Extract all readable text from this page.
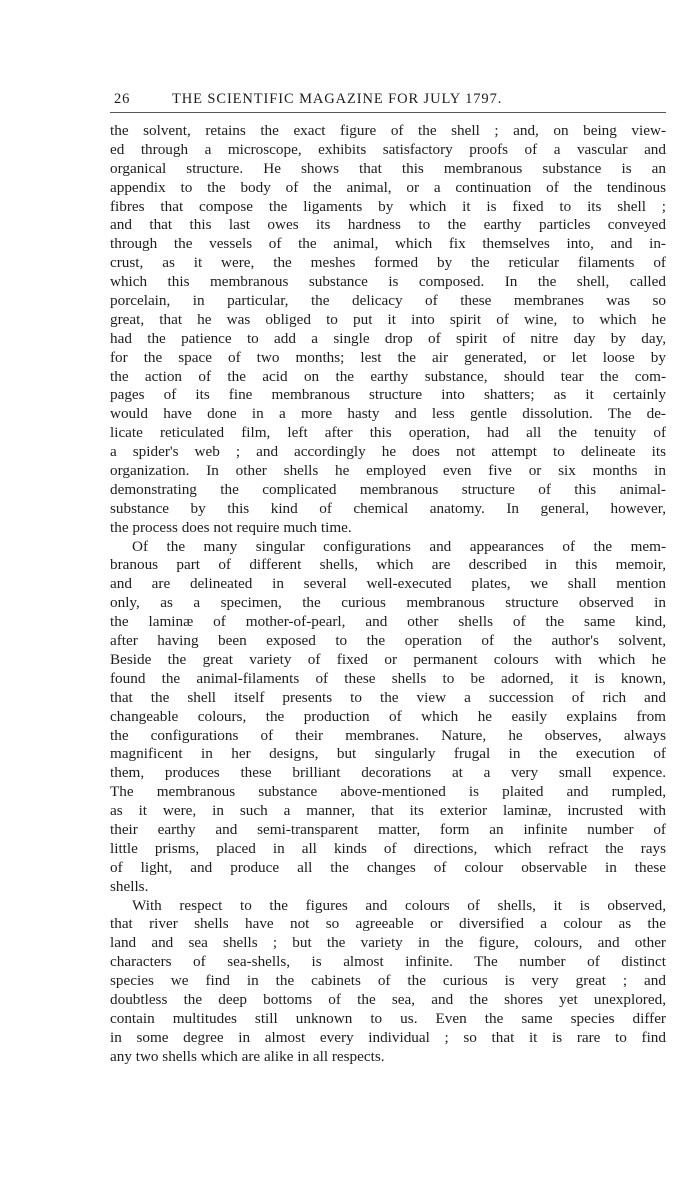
26	THE SCIENTIFIC MAGAZINE FOR JULY 1797.
the solvent, retains the exact figure of the shell ; and, on being view-
ed through a microscope, exhibits satisfactory proofs of a vascular and
organical structure. He shows that this membranous substance is an
appendix to the body of the animal, or a continuation of the tendinous
fibres that compose the ligaments by which it is fixed to its shell ;
and that this last owes its hardness to the earthy particles conveyed
through the vessels of the animal, which fix themselves into, and in-
crust, as it were, the meshes formed by the reticular filaments of
which this membranous substance is composed. In the shell, called
porcelain, in particular, the delicacy of these membranes was so
great, that he was obliged to put it into spirit of wine, to which he
had the patience to add a single drop of spirit of nitre day by day,
for the space of two months; lest the air generated, or let loose by
the action of the acid on the earthy substance, should tear the com-
pages of its fine membranous structure into shatters; as it certainly
would have done in a more hasty and less gentle dissolution. The de-
licate reticulated film, left after this operation, had all the tenuity of
a spider's web ; and accordingly he does not attempt to delineate its
organization. In other shells he employed even five or six months in
demonstrating the complicated membranous structure of this animal-
substance by this kind of chemical anatomy. In general, however,
the process does not require much time.
Of the many singular configurations and appearances of the mem-
branous part of different shells, which are described in this memoir,
and are delineated in several well-executed plates, we shall mention
only, as a specimen, the curious membranous structure observed in
the laminæ of mother-of-pearl, and other shells of the same kind,
after having been exposed to the operation of the author's solvent,
Beside the great variety of fixed or permanent colours with which he
found the animal-filaments of these shells to be adorned, it is known,
that the shell itself presents to the view a succession of rich and
changeable colours, the production of which he easily explains from
the configurations of their membranes. Nature, he observes, always
magnificent in her designs, but singularly frugal in the execution of
them, produces these brilliant decorations at a very small expence.
The membranous substance above-mentioned is plaited and rumpled,
as it were, in such a manner, that its exterior laminæ, incrusted with
their earthy and semi-transparent matter, form an infinite number of
little prisms, placed in all kinds of directions, which refract the rays
of light, and produce all the changes of colour observable in these
shells.
With respect to the figures and colours of shells, it is observed,
that river shells have not so agreeable or diversified a colour as the
land and sea shells ; but the variety in the figure, colours, and other
characters of sea-shells, is almost infinite. The number of distinct
species we find in the cabinets of the curious is very great ; and
doubtless the deep bottoms of the sea, and the shores yet unexplored,
contain multitudes still unknown to us. Even the same species differ
in some degree in almost every individual ; so that it is rare to find
any two shells which are alike in all respects.
